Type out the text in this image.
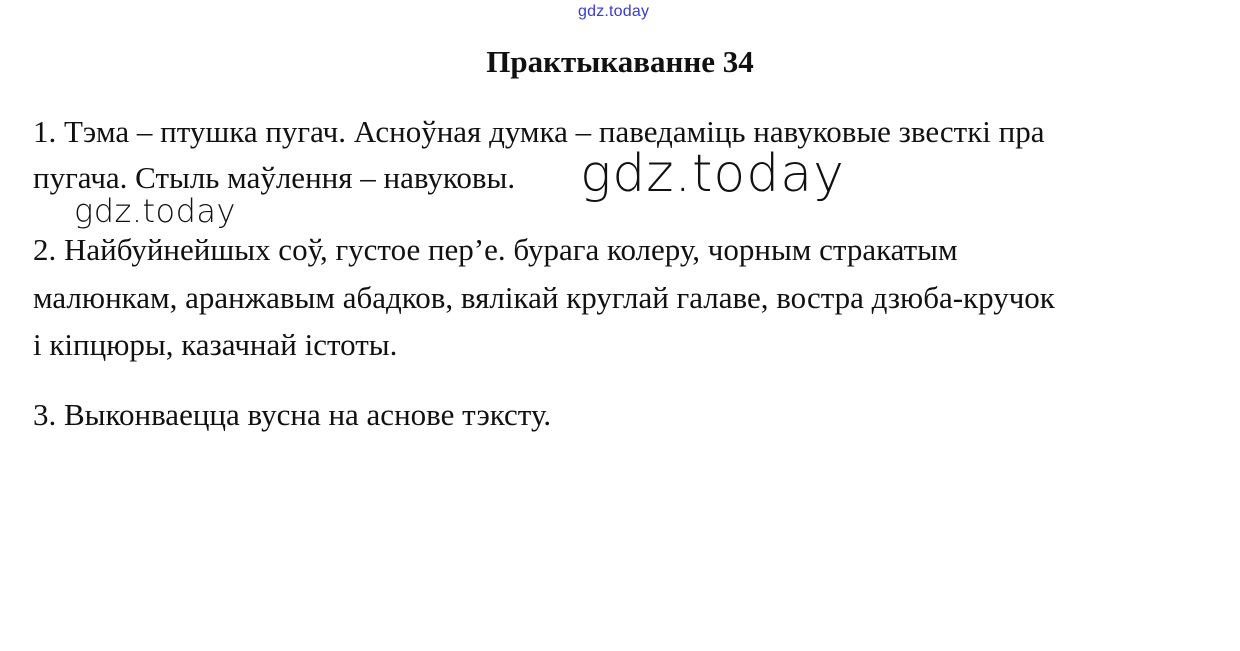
gdz.today
Практыкаванне 34
1. Тэма – птушка пугач. Асноўная думка – паведаміць навуковые звесткі пра
пугача. Стыль маўлення – навуковы. gdz.today
gdz.today
2. Найбуйнейшых соў, густое пер’е. бурага колеру, чорным стракатым
малюнкам, аранжавым абадков, вялікай круглай галаве, востра дзюба-кручок
і кіпцюры, казачнай істоты.
3. Выконваецца вусна на аснове тэксту.
